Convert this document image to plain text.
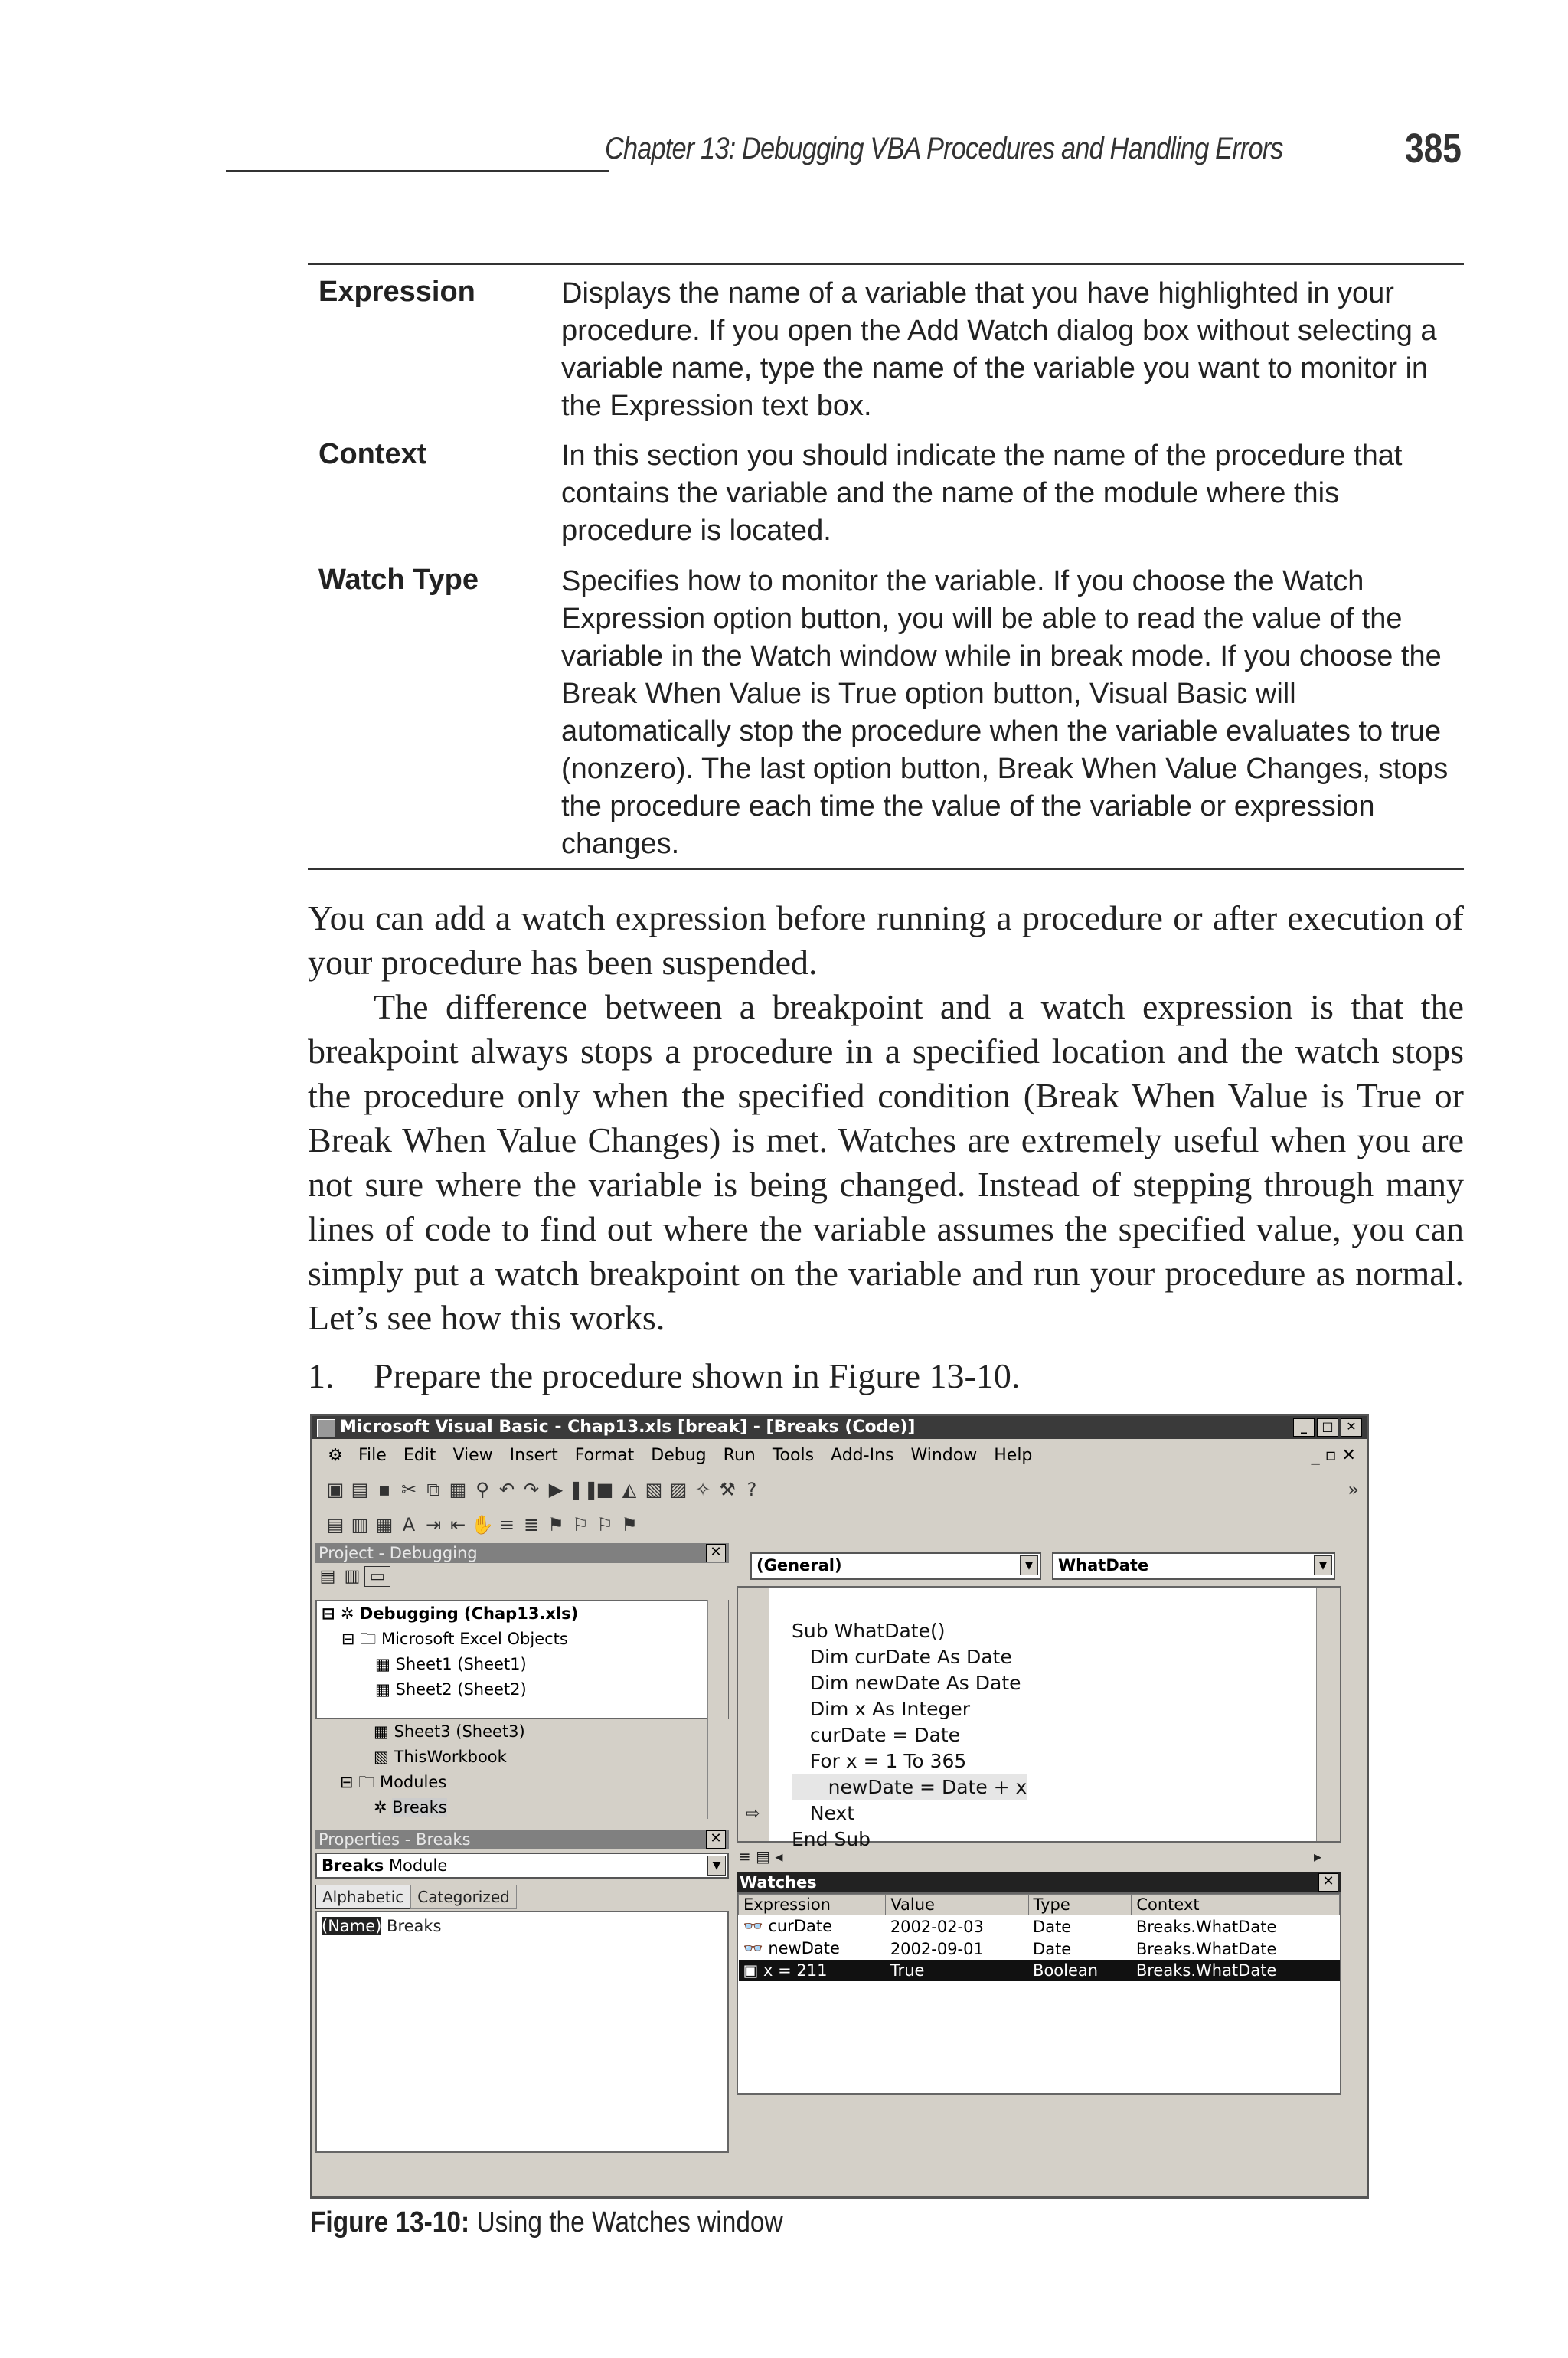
Chapter 13: Debugging VBA Procedures and Handling Errors	385
Expression	Displays the name of a variable that you have highlighted in your procedure. If you open the Add Watch dialog box without selecting a variable name, type the name of the variable you want to monitor in the Expression text box.
Context	In this section you should indicate the name of the procedure that contains the variable and the name of the module where this procedure is located.
Watch Type	Specifies how to monitor the variable. If you choose the Watch Expression option button, you will be able to read the value of the variable in the Watch window while in break mode. If you choose the Break When Value is True option button, Visual Basic will automatically stop the procedure when the variable evaluates to true (nonzero). The last option button, Break When Value Changes, stops the procedure each time the value of the variable or expression changes.

You can add a watch expression before running a procedure or after execution of your procedure has been suspended.

The difference between a breakpoint and a watch expression is that the breakpoint always stops a procedure in a specified location and the watch stops the procedure only when the specified condition (Break When Value is True or Break When Value Changes) is met. Watches are extremely useful when you are not sure where the variable is being changed. Instead of stepping through many lines of code to find out where the variable assumes the specified value, you can simply put a watch breakpoint on the variable and run your procedure as normal. Let’s see how this works.

1. Prepare the procedure shown in Figure 13-10.
Microsoft Visual Basic - Chap13.xls [break] - [Breaks (Code)]	_	□	✕
⚙ File Edit View Insert Format Debug Run Tools Add-Ins Window Help	_ ▫ ✕
▣ ▤ ▪ ✂ ⧉ ▦ ⚲ ↶ ↷ ▶ ❚❚■ ◭ ▧ ▨ ✧ ⚒ ?	»
▤ ▥ ▦ A ⇥ ⇤ ✋ ≡ ≣ ⚑ ⚐ ⚐ ⚑
Project - Debugging	✕
▤ ▥ ▭
⊟ ✲ Debugging (Chap13.xls)
⊟ 🗀 Microsoft Excel Objects
▦ Sheet1 (Sheet1)
▦ Sheet2 (Sheet2)
▦ Sheet3 (Sheet3)
▧ ThisWorkbook
⊟ 🗀 Modules
✲ Breaks
Properties - Breaks	✕
Breaks Module	▼
Alphabetic Categorized
(Name) Breaks
(General)	▼	WhatDate	▼
⇨
Sub WhatDate()
Dim curDate As Date
Dim newDate As Date
Dim x As Integer
curDate = Date
For x = 1 To 365
newDate = Date + x
Next
End Sub
≡ ▤ ◂	▸
Watches	✕
Expression	Value	Type	Context
👓 curDate	2002-02-03	Date	Breaks.WhatDate
👓 newDate	2002-09-01	Date	Breaks.WhatDate
▣ x = 211	True	Boolean	Breaks.WhatDate
Figure 13-10: Using the Watches window
